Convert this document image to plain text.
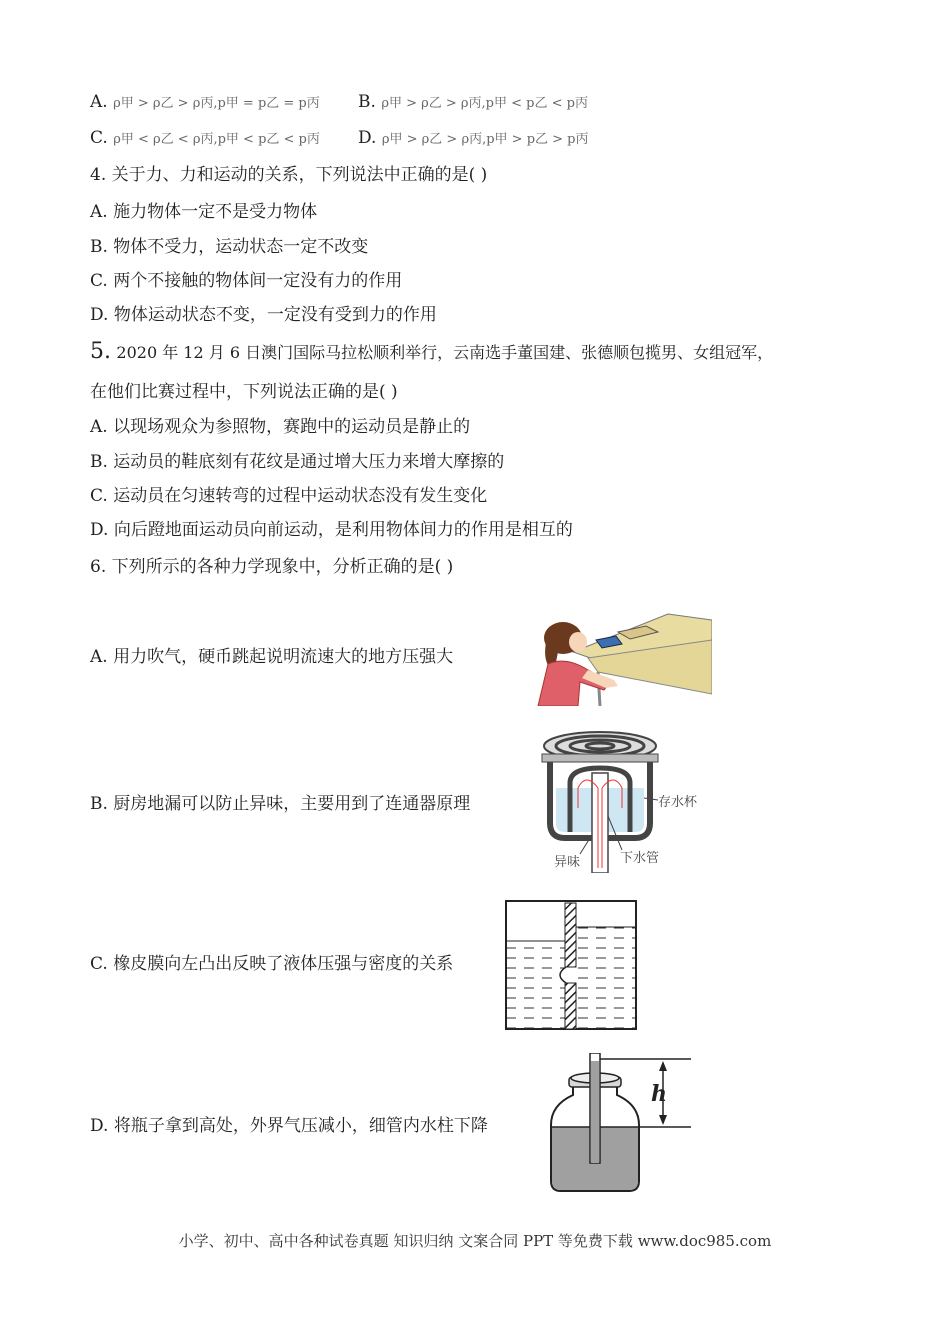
A. ρ甲 > ρ乙 > ρ丙,p甲 = p乙 = p丙 B. ρ甲 > ρ乙 > ρ丙,p甲 < p乙 < p丙
C. ρ甲 < ρ乙 < ρ丙,p甲 < p乙 < p丙 D. ρ甲 > ρ乙 > ρ丙,p甲 > p乙 > p丙
4. 关于力、力和运动的关系，下列说法中正确的是( )
A. 施力物体一定不是受力物体
B. 物体不受力，运动状态一定不改变
C. 两个不接触的物体间一定没有力的作用
D. 物体运动状态不变，一定没有受到力的作用
5. 2020 年 12 月 6 日澳门国际马拉松顺利举行，云南选手董国建、张德顺包揽男、女组冠军，
在他们比赛过程中，下列说法正确的是( )
A. 以现场观众为参照物，赛跑中的运动员是静止的
B. 运动员的鞋底刻有花纹是通过增大压力来增大摩擦的
C. 运动员在匀速转弯的过程中运动状态没有发生变化
D. 向后蹬地面运动员向前运动，是利用物体间力的作用是相互的
6. 下列所示的各种力学现象中，分析正确的是( )
A. 用力吹气，硬币跳起说明流速大的地方压强大
B. 厨房地漏可以防止异味，主要用到了连通器原理
C. 橡皮膜向左凸出反映了液体压强与密度的关系
D. 将瓶子拿到高处，外界气压减小，细管内水柱下降
存水杯
异味	下水管
h
小学、初中、高中各种试卷真题 知识归纳 文案合同 PPT 等免费下载 www.doc985.com
